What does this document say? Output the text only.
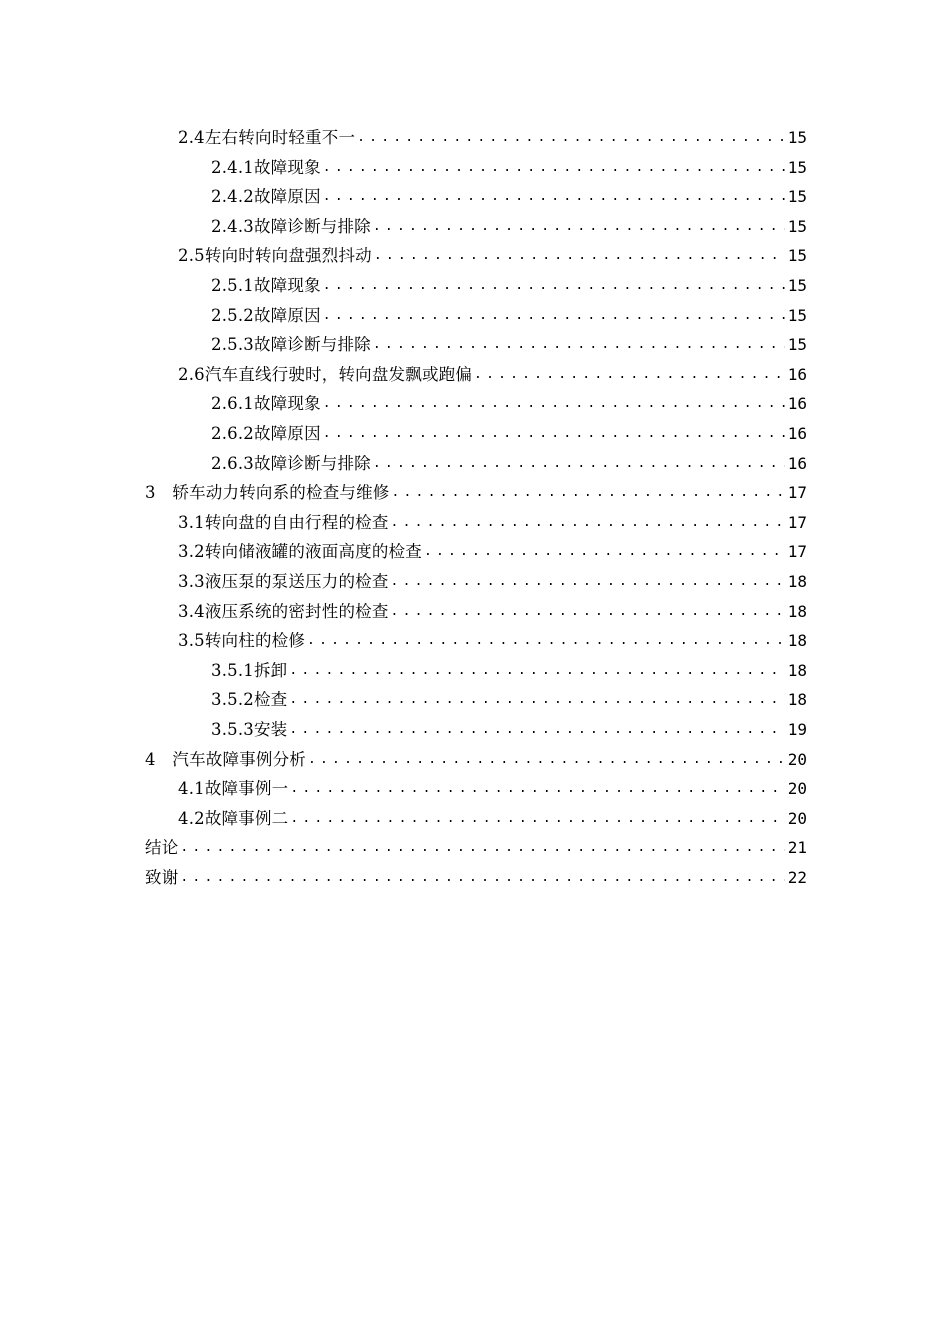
2.4左右转向时轻重不一 .....	15
2.4.1故障现象 .....	15
2.4.2故障原因 .....	15
2.4.3故障诊断与排除 .....	15
2.5转向时转向盘强烈抖动 .....	15
2.5.1故障现象 .....	15
2.5.2故障原因 .....	15
2.5.3故障诊断与排除 .....	15
2.6汽车直线行驶时，转向盘发飘或跑偏 .....	16
2.6.1故障现象 .....	16
2.6.2故障原因 .....	16
2.6.3故障诊断与排除 .....	16
3　轿车动力转向系的检查与维修 .....	17
3.1转向盘的自由行程的检查 .....	17
3.2转向储液罐的液面高度的检查 .....	17
3.3液压泵的泵送压力的检查 .....	18
3.4液压系统的密封性的检查 .....	18
3.5转向柱的检修 .....	18
3.5.1拆卸 .....	18
3.5.2检查 .....	18
3.5.3安装 .....	19
4　汽车故障事例分析 .....	20
4.1故障事例一 .....	20
4.2故障事例二 .....	20
结论 .....	21
致谢 .....	22
